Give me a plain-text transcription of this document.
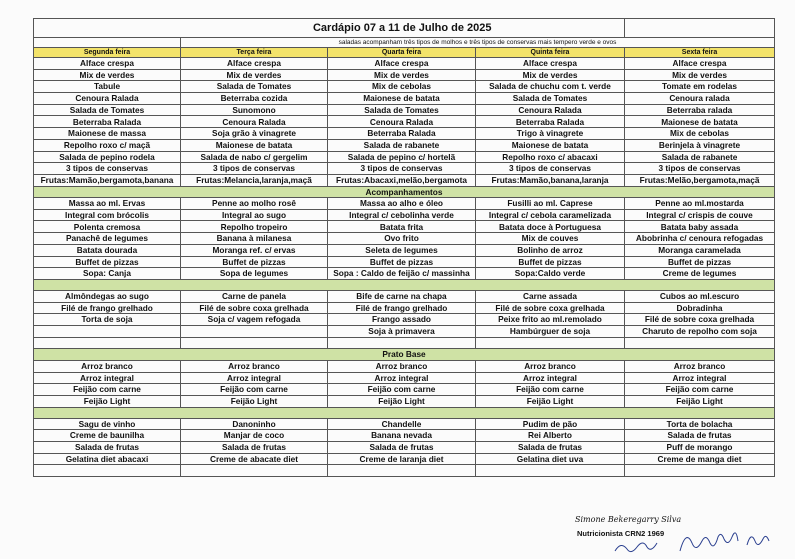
	Cardápio 07 a 11 de Julho de 2025			
	saladas acompanham três tipos de molhos e três tipos de conservas mais tempero verde e ovos			
Segunda feira	Terça feira	Quarta feira	Quinta feira	Sexta feira
Alface crespa	Alface crespa	Alface crespa	Alface crespa	Alface crespa
Mix de verdes	Mix de verdes	Mix de verdes	Mix de verdes	Mix de verdes
Tabule	Salada de Tomates	Mix de cebolas	Salada de chuchu com t. verde	Tomate em rodelas
Cenoura Ralada	Beterraba cozida	Maionese de batata	Salada de Tomates	Cenoura ralada
Salada de Tomates	Sunomono	Salada de Tomates	Cenoura Ralada	Beterraba ralada
Beterraba Ralada	Cenoura Ralada	Cenoura Ralada	Beterraba Ralada	Maionese de batata
Maionese de massa	Soja grão à vinagrete	Beterraba Ralada	Trigo à vinagrete	Mix de cebolas
Repolho roxo c/ maçã	Maionese de batata	Salada de rabanete	Maionese de batata	Berinjela à vinagrete
Salada de pepino rodela	Salada de nabo c/ gergelim	Salada de pepino c/ hortelã	Repolho roxo c/ abacaxi	Salada de rabanete
3 tipos de conservas	3 tipos de conservas	3 tipos de conservas	3 tipos de conservas	3 tipos de conservas
Frutas:Mamão,bergamota,banana	Frutas:Melancia,laranja,maçã	Frutas:Abacaxi,melão,bergamota	Frutas:Mamão,banana,laranja	Frutas:Melão,bergamota,maçã
Acompanhamentos				
Massa ao ml. Ervas	Penne ao molho rosê	Massa ao alho e óleo	Fusilli ao ml. Caprese	Penne ao ml.mostarda
Integral com brócolis	Integral ao sugo	Integral c/ cebolinha verde	Integral c/ cebola caramelizada	Integral c/ crispis de couve
Polenta cremosa	Repolho tropeiro	Batata frita	Batata doce à Portuguesa	Batata baby assada
Panachê de legumes	Banana à milanesa	Ovo frito	Mix de couves	Abobrinha c/ cenoura refogadas
Batata dourada	Moranga ref. c/ ervas	Seleta de legumes	Bolinho de arroz	Moranga caramelada
Buffet de pizzas	Buffet de pizzas	Buffet de pizzas	Buffet de pizzas	Buffet de pizzas
Sopa: Canja	Sopa de legumes	Sopa : Caldo de feijão c/ massinha	Sopa:Caldo verde	Creme de legumes

Almôndegas ao sugo	Carne de panela	Bife de carne na chapa	Carne assada	Cubos ao ml.escuro
Filé de frango grelhado	Filé de sobre coxa grelhada	Filé de frango grelhado	Filé de sobre coxa grelhada	Dobradinha
Torta de soja	Soja c/ vagem refogada	Frango assado	Peixe frito ao ml.remolado	Filé de sobre coxa grelhada
		Soja à primavera	Hambúrguer de soja	Charuto de repolho com soja

Prato Base				
Arroz branco	Arroz branco	Arroz branco	Arroz branco	Arroz branco
Arroz integral	Arroz integral	Arroz integral	Arroz integral	Arroz integral
Feijão com carne	Feijão com carne	Feijão com carne	Feijão com carne	Feijão com carne
Feijão Light	Feijão Light	Feijão Light	Feijão Light	Feijão Light

Sagu de vinho	Danoninho	Chandelle	Pudim de pão	Torta de bolacha
Creme de baunilha	Manjar de coco	Banana nevada	Rei Alberto	Salada de frutas
Salada de frutas	Salada de frutas	Salada de frutas	Salada de frutas	Puff de morango
Gelatina diet abacaxi	Creme de abacate diet	Creme de laranja diet	Gelatina diet uva	Creme de manga diet

Simone Bekeregarry Silva
Nutricionista CRN2 1969
